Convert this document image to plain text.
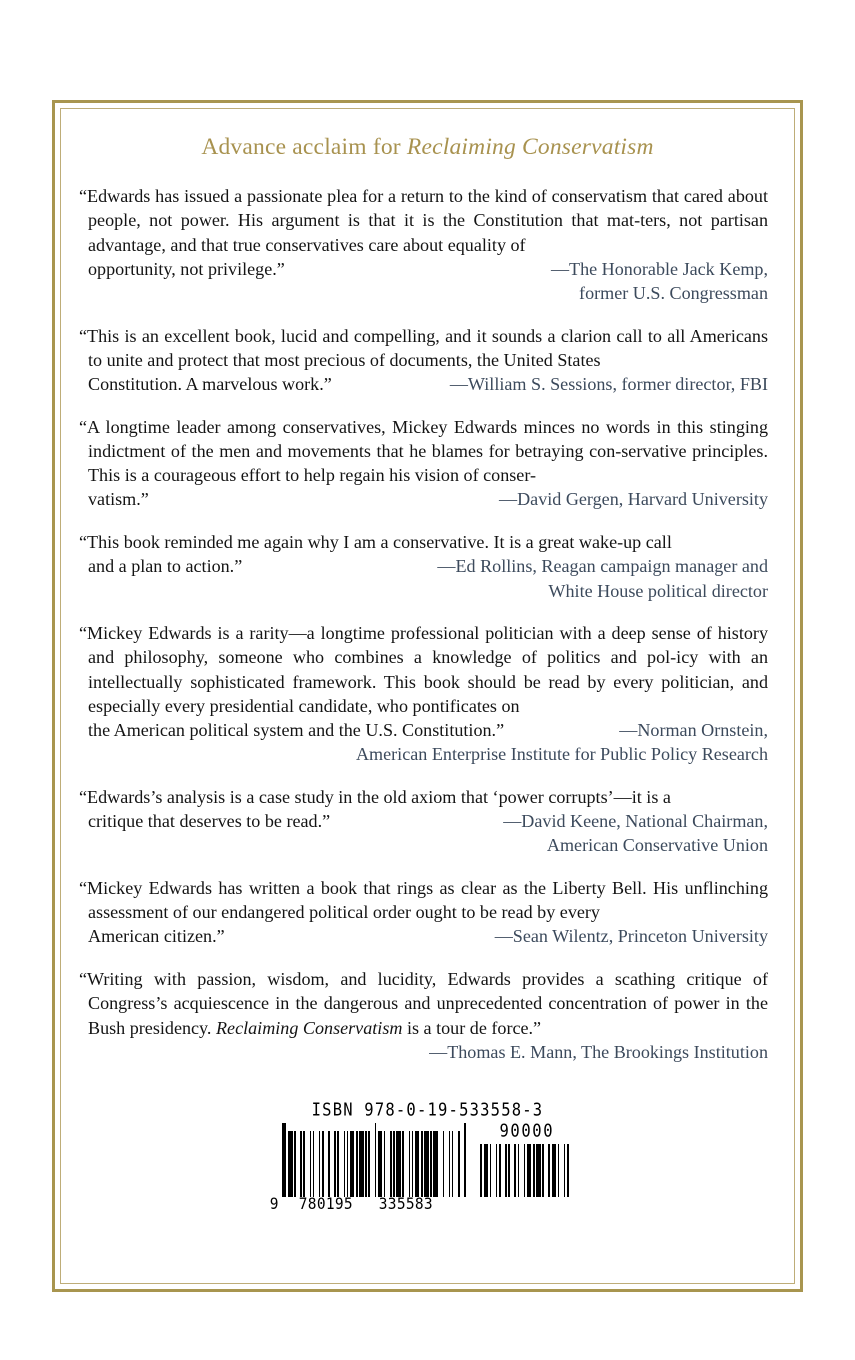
Advance acclaim for Reclaiming Conservatism

“Edwards has issued a passionate plea for a return to the kind of conservatism that cared about people, not power. His argument is that it is the Constitution that mat-ters, not partisan advantage, and that true conservatives care about equality of

opportunity, not privilege.”	—The Honorable Jack Kemp,

former U.S. Congressman

“This is an excellent book, lucid and compelling, and it sounds a clarion call to all Americans to unite and protect that most precious of documents, the United States

Constitution. A marvelous work.”	—William S. Sessions, former director, FBI

“A longtime leader among conservatives, Mickey Edwards minces no words in this stinging indictment of the men and movements that he blames for betraying con-servative principles. This is a courageous effort to help regain his vision of conser-

vatism.”	—David Gergen, Harvard University

“This book reminded me again why I am a conservative. It is a great wake-up call

and a plan to action.”	—Ed Rollins, Reagan campaign manager and

White House political director

“Mickey Edwards is a rarity—a longtime professional politician with a deep sense of history and philosophy, someone who combines a knowledge of politics and pol-icy with an intellectually sophisticated framework. This book should be read by every politician, and especially every presidential candidate, who pontificates on

the American political system and the U.S. Constitution.”	—Norman Ornstein,

American Enterprise Institute for Public Policy Research

“Edwards’s analysis is a case study in the old axiom that ‘power corrupts’—it is a

critique that deserves to be read.”	—David Keene, National Chairman,

American Conservative Union

“Mickey Edwards has written a book that rings as clear as the Liberty Bell. His unflinching assessment of our endangered political order ought to be read by every

American citizen.”	—Sean Wilentz, Princeton University

“Writing with passion, wisdom, and lucidity, Edwards provides a scathing critique of Congress’s acquiescence in the dangerous and unprecedented concentration of power in the Bush presidency. Reclaiming Conservatism is a tour de force.”

—Thomas E. Mann, The Brookings Institution

ISBN 978-0-19-533558-3
9 780195 335583
90000
